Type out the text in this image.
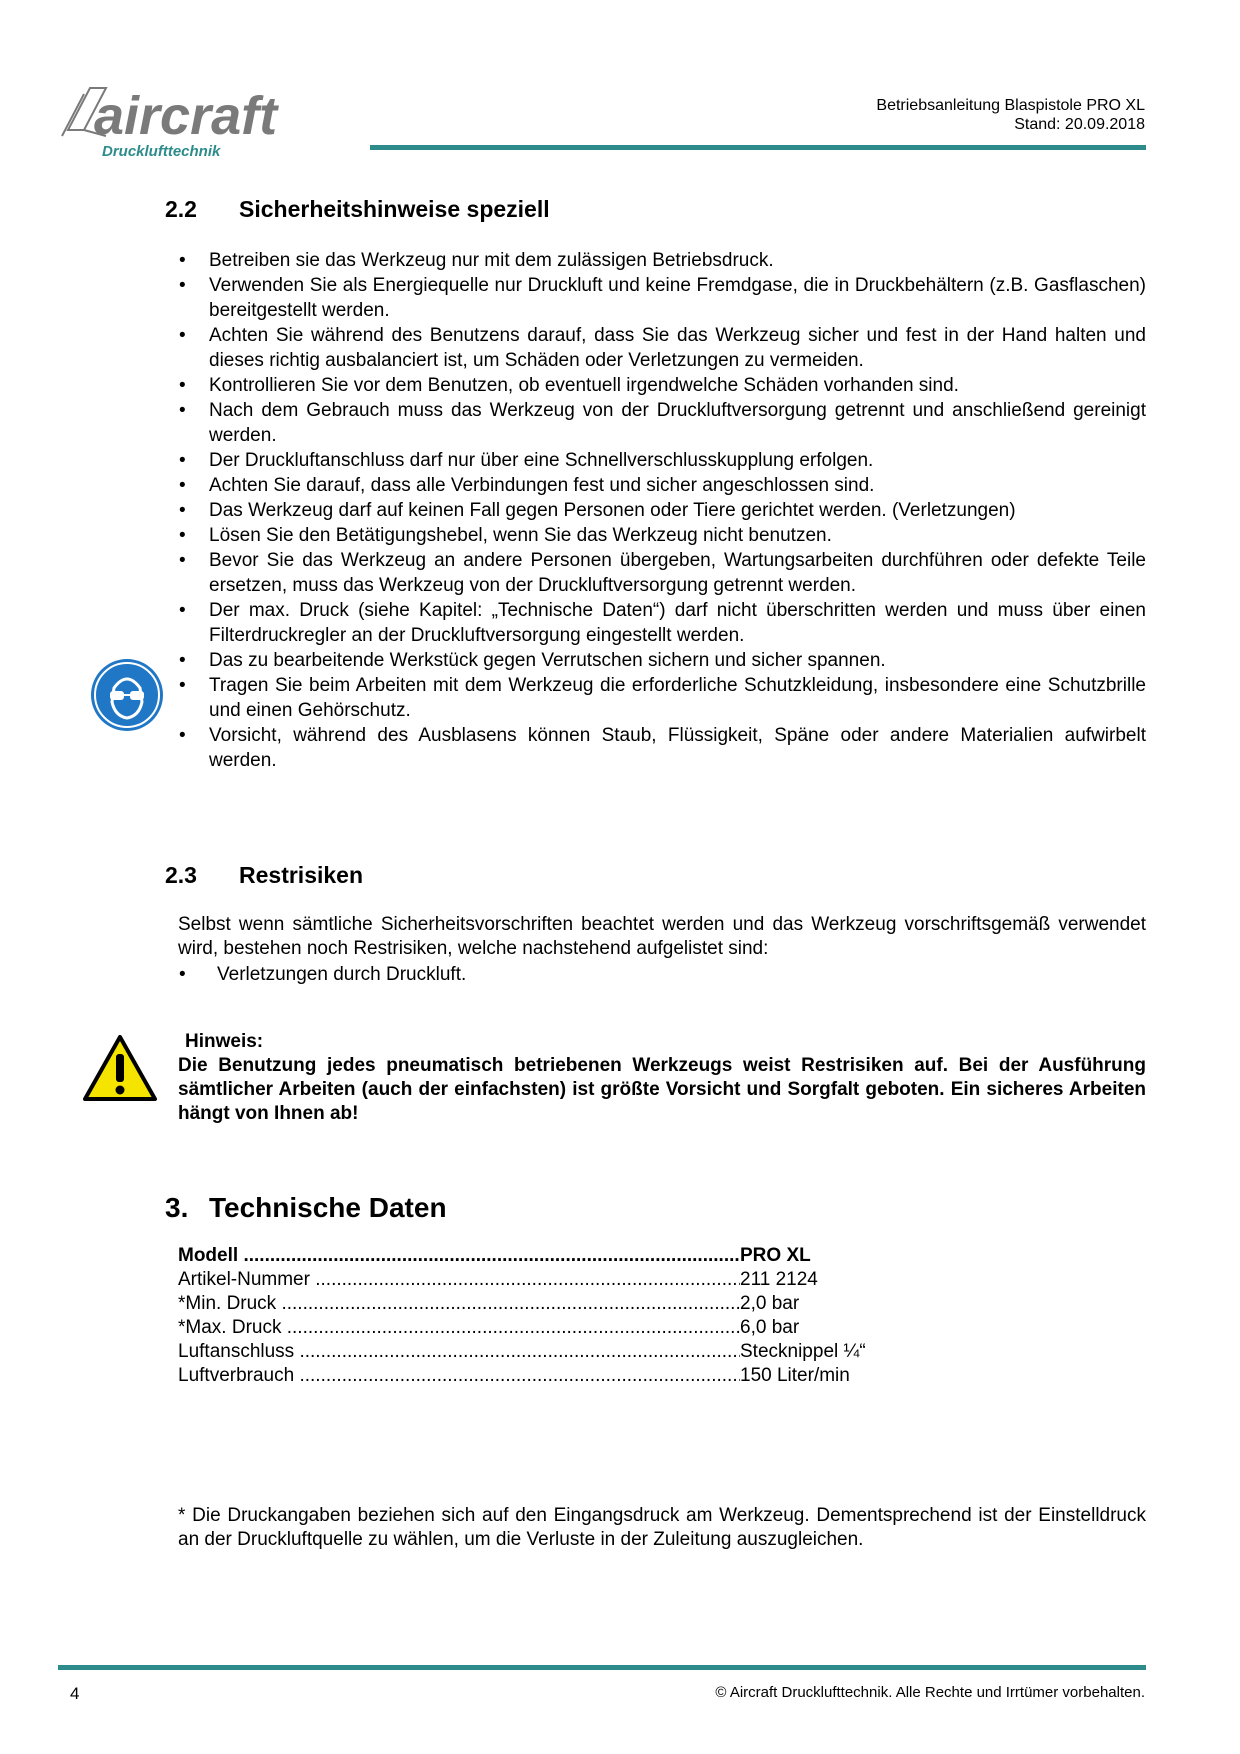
aircraft
Drucklufttechnik
Betriebsanleitung Blaspistole PRO XL
Stand: 20.09.2018
2.2 Sicherheitshinweise speziell
• Betreiben sie das Werkzeug nur mit dem zulässigen Betriebsdruck.
• Verwenden Sie als Energiequelle nur Druckluft und keine Fremdgase, die in Druckbehältern (z.B. Gasflaschen) bereitgestellt werden.
• Achten Sie während des Benutzens darauf, dass Sie das Werkzeug sicher und fest in der Hand halten und dieses richtig ausbalanciert ist, um Schäden oder Verletzungen zu vermeiden.
• Kontrollieren Sie vor dem Benutzen, ob eventuell irgendwelche Schäden vorhanden sind.
• Nach dem Gebrauch muss das Werkzeug von der Druckluftversorgung getrennt und anschließend gereinigt werden.
• Der Druckluftanschluss darf nur über eine Schnellverschlusskupplung erfolgen.
• Achten Sie darauf, dass alle Verbindungen fest und sicher angeschlossen sind.
• Das Werkzeug darf auf keinen Fall gegen Personen oder Tiere gerichtet werden. (Verletzungen)
• Lösen Sie den Betätigungshebel, wenn Sie das Werkzeug nicht benutzen.
• Bevor Sie das Werkzeug an andere Personen übergeben, Wartungsarbeiten durchführen oder defekte Teile ersetzen, muss das Werkzeug von der Druckluftversorgung getrennt werden.
• Der max. Druck (siehe Kapitel: „Technische Daten“) darf nicht überschritten werden und muss über einen Filterdruckregler an der Druckluftversorgung eingestellt werden.
• Das zu bearbeitende Werkstück gegen Verrutschen sichern und sicher spannen.
• Tragen Sie beim Arbeiten mit dem Werkzeug die erforderliche Schutzkleidung, insbesondere eine Schutzbrille und einen Gehörschutz.
• Vorsicht, während des Ausblasens können Staub, Flüssigkeit, Späne oder andere Materialien aufwirbelt werden.
2.3 Restrisiken
Selbst wenn sämtliche Sicherheitsvorschriften beachtet werden und das Werkzeug vorschriftsgemäß verwendet wird, bestehen noch Restrisiken, welche nachstehend aufgelistet sind:
• Verletzungen durch Druckluft.
Hinweis:
Die Benutzung jedes pneumatisch betriebenen Werkzeugs weist Restrisiken auf. Bei der Ausführung sämtlicher Arbeiten (auch der einfachsten) ist größte Vorsicht und Sorgfalt geboten. Ein sicheres Arbeiten hängt von Ihnen ab!
3. Technische Daten
Modell .....	PRO XL
Artikel-Nummer .....	211 2124
*Min. Druck .....	2,0 bar
*Max. Druck .....	6,0 bar
Luftanschluss .....	Stecknippel ¼“
Luftverbrauch .....	150 Liter/min
* Die Druckangaben beziehen sich auf den Eingangsdruck am Werkzeug. Dementsprechend ist der Einstelldruck an der Druckluftquelle zu wählen, um die Verluste in der Zuleitung auszugleichen.
4	© Aircraft Drucklufttechnik. Alle Rechte und Irrtümer vorbehalten.
